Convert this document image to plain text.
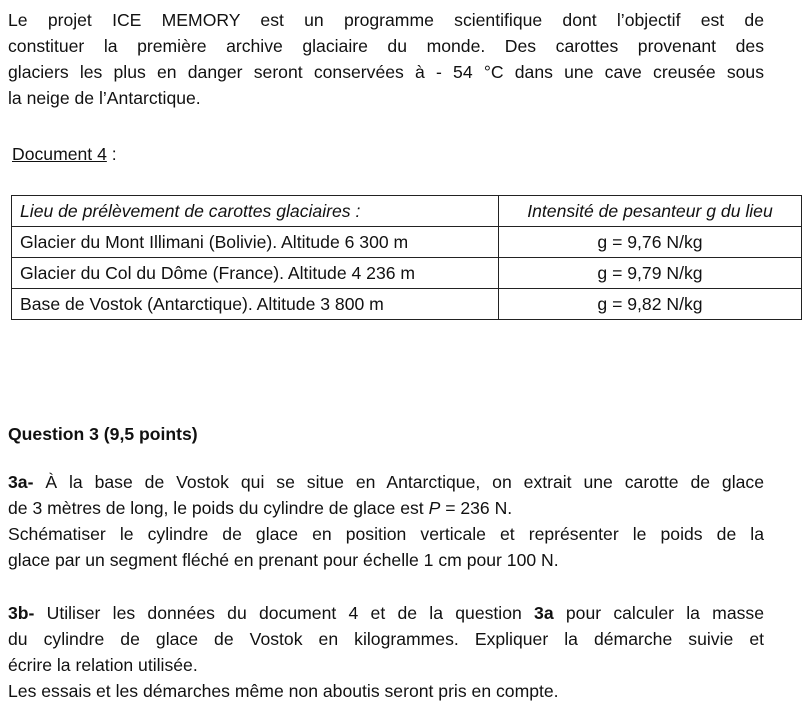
Le projet ICE MEMORY est un programme scientifique dont l’objectif est de
constituer la première archive glaciaire du monde. Des carottes provenant des
glaciers les plus en danger seront conservées à - 54 °C dans une cave creusée sous
la neige de l’Antarctique.
Document 4 :
Lieu de prélèvement de carottes glaciaires :	Intensité de pesanteur g du lieu
Glacier du Mont Illimani (Bolivie). Altitude 6 300 m	g = 9,76 N/kg
Glacier du Col du Dôme (France). Altitude 4 236 m	g = 9,79 N/kg
Base de Vostok (Antarctique). Altitude 3 800 m	g = 9,82 N/kg
Question 3 (9,5 points)
3a- À la base de Vostok qui se situe en Antarctique, on extrait une carotte de glace
de 3 mètres de long, le poids du cylindre de glace est P = 236 N.
Schématiser le cylindre de glace en position verticale et représenter le poids de la
glace par un segment fléché en prenant pour échelle 1 cm pour 100 N.
3b- Utiliser les données du document 4 et de la question 3a pour calculer la masse
du cylindre de glace de Vostok en kilogrammes. Expliquer la démarche suivie et
écrire la relation utilisée.
Les essais et les démarches même non aboutis seront pris en compte.
